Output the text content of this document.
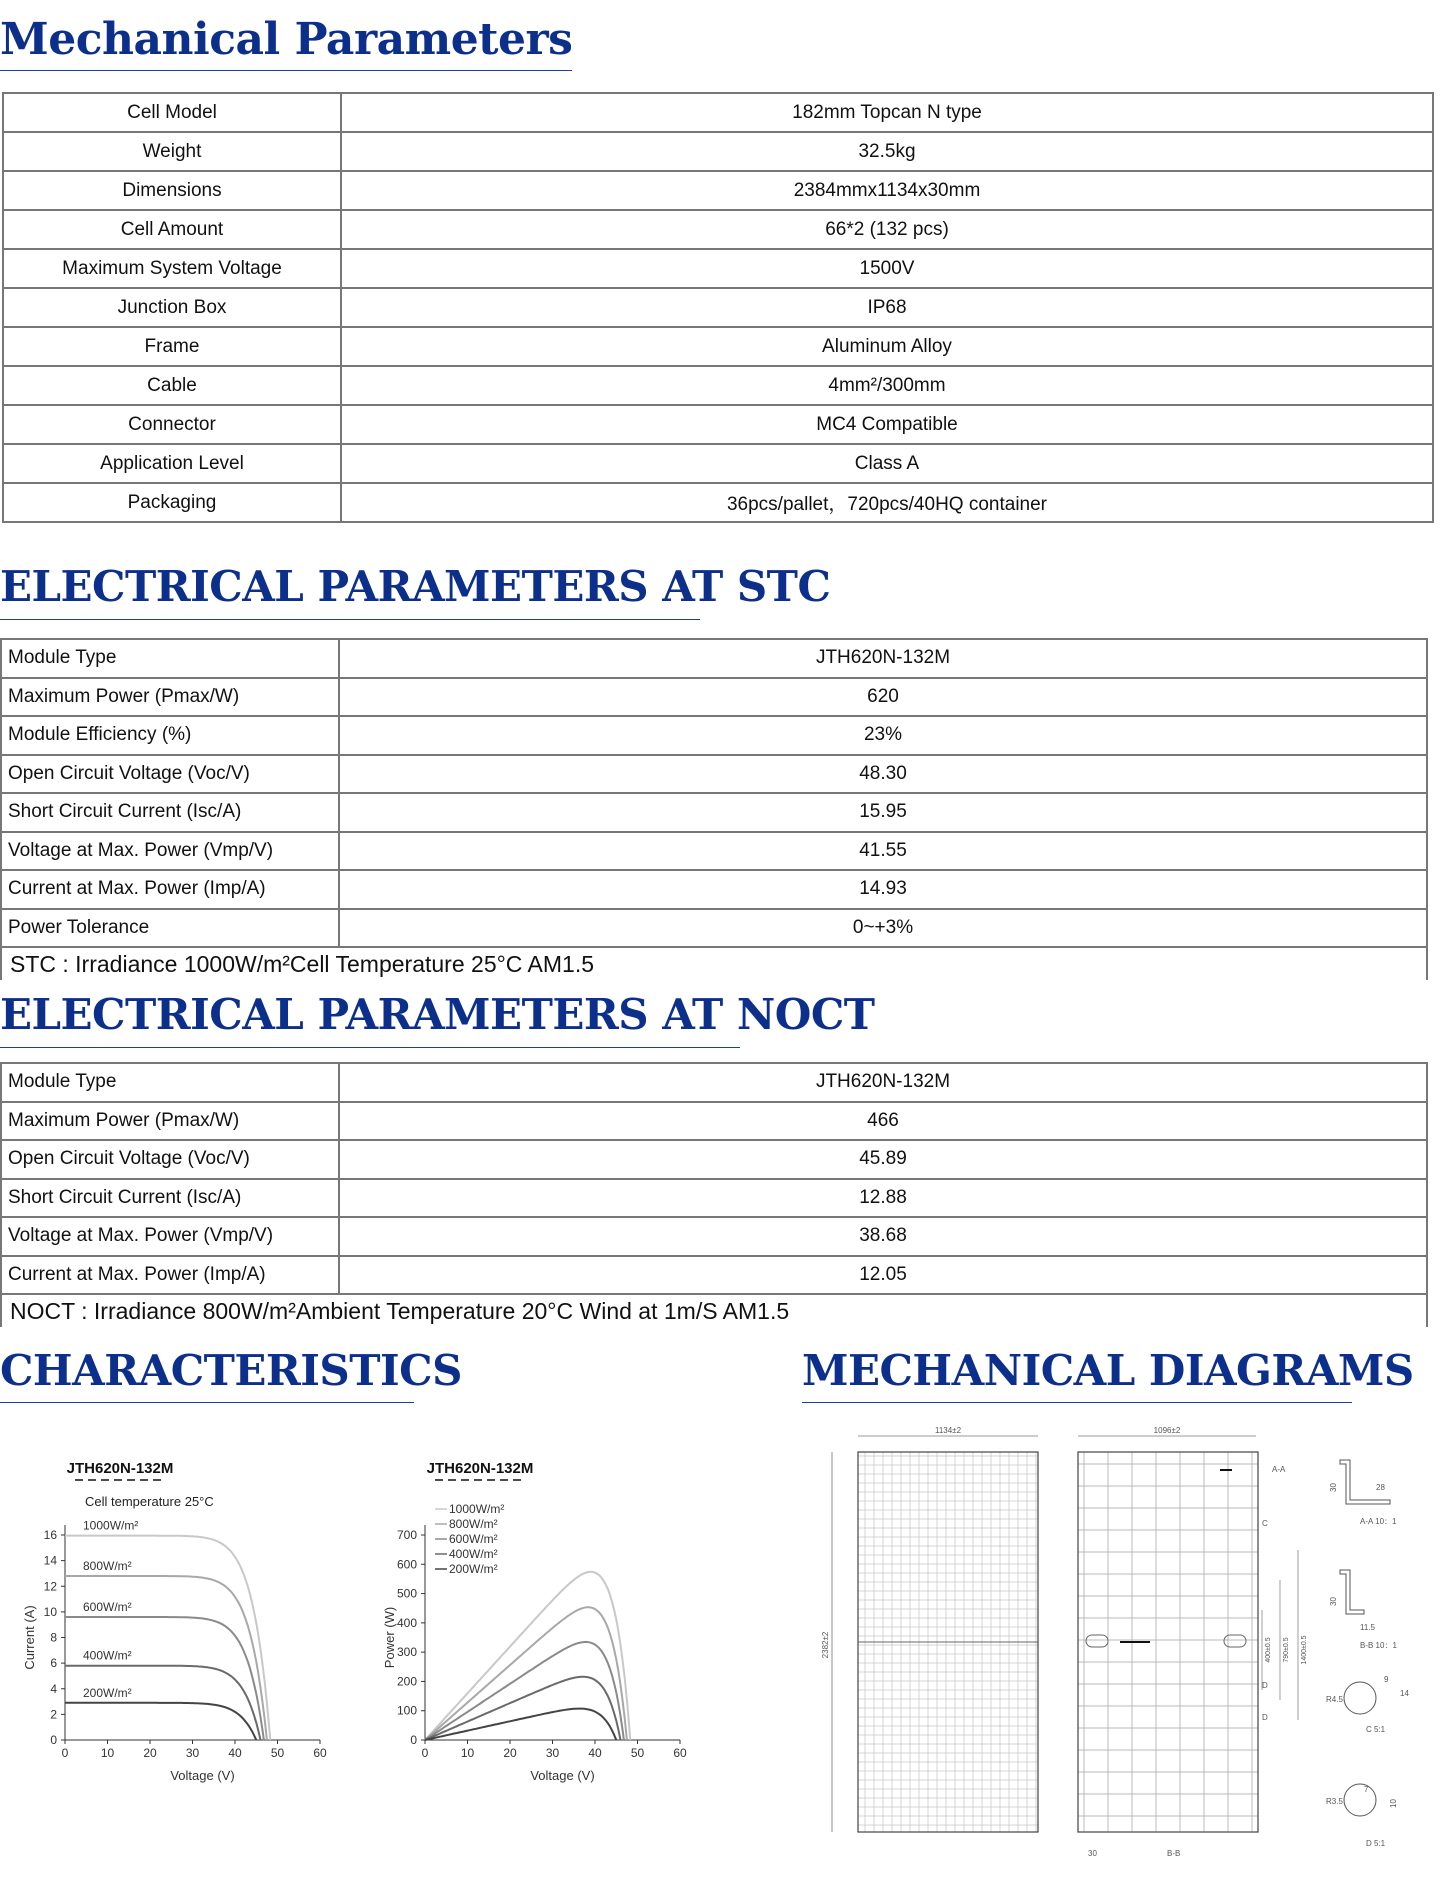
Mechanical Parameters
Cell Model	182mm Topcan N type
Weight	32.5kg
Dimensions	2384mmx1134x30mm
Cell Amount	66*2 (132 pcs)
Maximum System Voltage	1500V
Junction Box	IP68
Frame	Aluminum Alloy
Cable	4mm²/300mm
Connector	MC4 Compatible
Application Level	Class A
Packaging	36pcs/pallet，720pcs/40HQ container
ELECTRICAL PARAMETERS AT STC
Module Type	JTH620N-132M
Maximum Power (Pmax/W)	620
Module Efficiency (%)	23%
Open Circuit Voltage (Voc/V)	48.30
Short Circuit Current (Isc/A)	15.95
Voltage at Max. Power (Vmp/V)	41.55
Current at Max. Power (Imp/A)	14.93
Power Tolerance	0~+3%
STC : Irradiance 1000W/m²Cell Temperature 25°C AM1.5	
ELECTRICAL PARAMETERS AT NOCT
Module Type	JTH620N-132M
Maximum Power (Pmax/W)	466
Open Circuit Voltage (Voc/V)	45.89
Short Circuit Current (Isc/A)	12.88
Voltage at Max. Power (Vmp/V)	38.68
Current at Max. Power (Imp/A)	12.05
NOCT : Irradiance 800W/m²Ambient Temperature 20°C Wind at 1m/S AM1.5	
CHARACTERISTICS	MECHANICAL DIAGRAMS
JTH620N-132M
Cell temperature 25°C
0	10 20 30 40 50 60
0
2
4
6
8
10
12
14
16
Voltage (V)
Current (A)
1000W/m²
800W/m²
600W/m²
400W/m²
200W/m²
JTH620N-132M
0	10 20 30 40 50 60
0
100
200
300
400
500
600
700
Voltage (V)
Power (W)
1000W/m²
800W/m²
600W/m²
400W/m²
200W/m²
1134±2
2382±2
1096±2
A-A
C
D
D
B-B
30
400±0.5 790±0.5 1400±0.5
30	28
A-A 10：1
30
11.5
B-B 10：1
9
14
R4.5
C 5:1
7
R3.5	10
D 5:1
